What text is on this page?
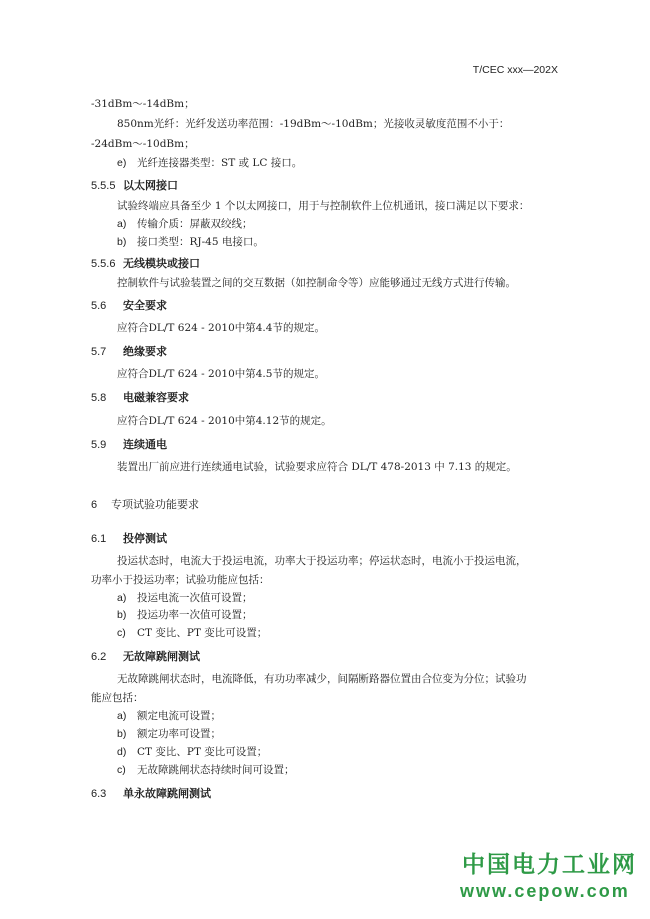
T/CEC xxx—202X
-31dBm～-14dBm；
850nm光纤：光纤发送功率范围：-19dBm～-10dBm；光接收灵敏度范围不小于：
-24dBm～-10dBm；
e) 光纤连接器类型：ST 或 LC 接口。
5.5.5 以太网接口
试验终端应具备至少 1 个以太网接口，用于与控制软件上位机通讯，接口满足以下要求：
a) 传输介质：屏蔽双绞线；
b) 接口类型：RJ-45 电接口。
5.5.6 无线模块或接口
控制软件与试验装置之间的交互数据（如控制命令等）应能够通过无线方式进行传输。
5.6 安全要求
应符合DL/T 624 - 2010中第4.4节的规定。
5.7 绝缘要求
应符合DL/T 624 - 2010中第4.5节的规定。
5.8 电磁兼容要求
应符合DL/T 624 - 2010中第4.12节的规定。
5.9 连续通电
装置出厂前应进行连续通电试验，试验要求应符合 DL/T 478-2013 中 7.13 的规定。
6 专项试验功能要求
6.1 投停测试
投运状态时，电流大于投运电流，功率大于投运功率；停运状态时，电流小于投运电流，
功率小于投运功率；试验功能应包括：
a) 投运电流一次值可设置；
b) 投运功率一次值可设置；
c) CT 变比、PT 变比可设置；
6.2 无故障跳闸测试
无故障跳闸状态时，电流降低，有功功率减少，间隔断路器位置由合位变为分位；试验功
能应包括：
a) 额定电流可设置；
b) 额定功率可设置；
d) CT 变比、PT 变比可设置；
c) 无故障跳闸状态持续时间可设置；
6.3 单永故障跳闸测试
中国电力工业网
www.cepow.com
